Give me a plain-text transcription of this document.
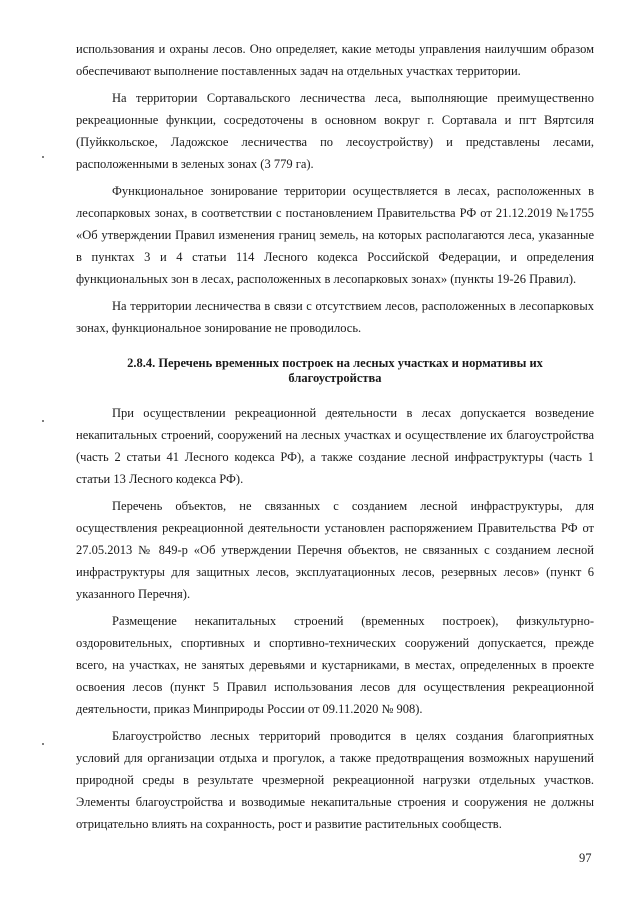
использования и охраны лесов. Оно определяет, какие методы управления наилучшим образом обеспечивают выполнение поставленных задач на отдельных участках территории.

На территории Сортавальского лесничества леса, выполняющие преимущественно рекреационные функции, сосредоточены в основном вокруг г. Сортавала и пгт Вяртсиля (Пуйккольское, Ладожское лесничества по лесоустройству) и представлены лесами, расположенными в зеленых зонах (3 779 га).

Функциональное зонирование территории осуществляется в лесах, расположенных в лесопарковых зонах, в соответствии с постановлением Правительства РФ от 21.12.2019 №1755 «Об утверждении Правил изменения границ земель, на которых располагаются леса, указанные в пунктах 3 и 4 статьи 114 Лесного кодекса Российской Федерации, и определения функциональных зон в лесах, расположенных в лесопарковых зонах» (пункты 19-26 Правил).

На территории лесничества в связи с отсутствием лесов, расположенных в лесопарковых зонах, функциональное зонирование не проводилось.

2.8.4. Перечень временных построек на лесных участках и нормативы их благоустройства

При осуществлении рекреационной деятельности в лесах допускается возведение некапитальных строений, сооружений на лесных участках и осуществление их благоустройства (часть 2 статьи 41 Лесного кодекса РФ), а также создание лесной инфраструктуры (часть 1 статьи 13 Лесного кодекса РФ).

Перечень объектов, не связанных с созданием лесной инфраструктуры, для осуществления рекреационной деятельности установлен распоряжением Правительства РФ от 27.05.2013 № 849-р «Об утверждении Перечня объектов, не связанных с созданием лесной инфраструктуры для защитных лесов, эксплуатационных лесов, резервных лесов» (пункт 6 указанного Перечня).

Размещение некапитальных строений (временных построек), физкультурно-оздоровительных, спортивных и спортивно-технических сооружений допускается, прежде всего, на участках, не занятых деревьями и кустарниками, в местах, определенных в проекте освоения лесов (пункт 5 Правил использования лесов для осуществления рекреационной деятельности, приказ Минприроды России от 09.11.2020 № 908).

Благоустройство лесных территорий проводится в целях создания благоприятных условий для организации отдыха и прогулок, а также предотвращения возможных нарушений природной среды в результате чрезмерной рекреационной нагрузки отдельных участков. Элементы благоустройства и возводимые некапитальные строения и сооружения не должны отрицательно влиять на сохранность, рост и развитие растительных сообществ.

97
